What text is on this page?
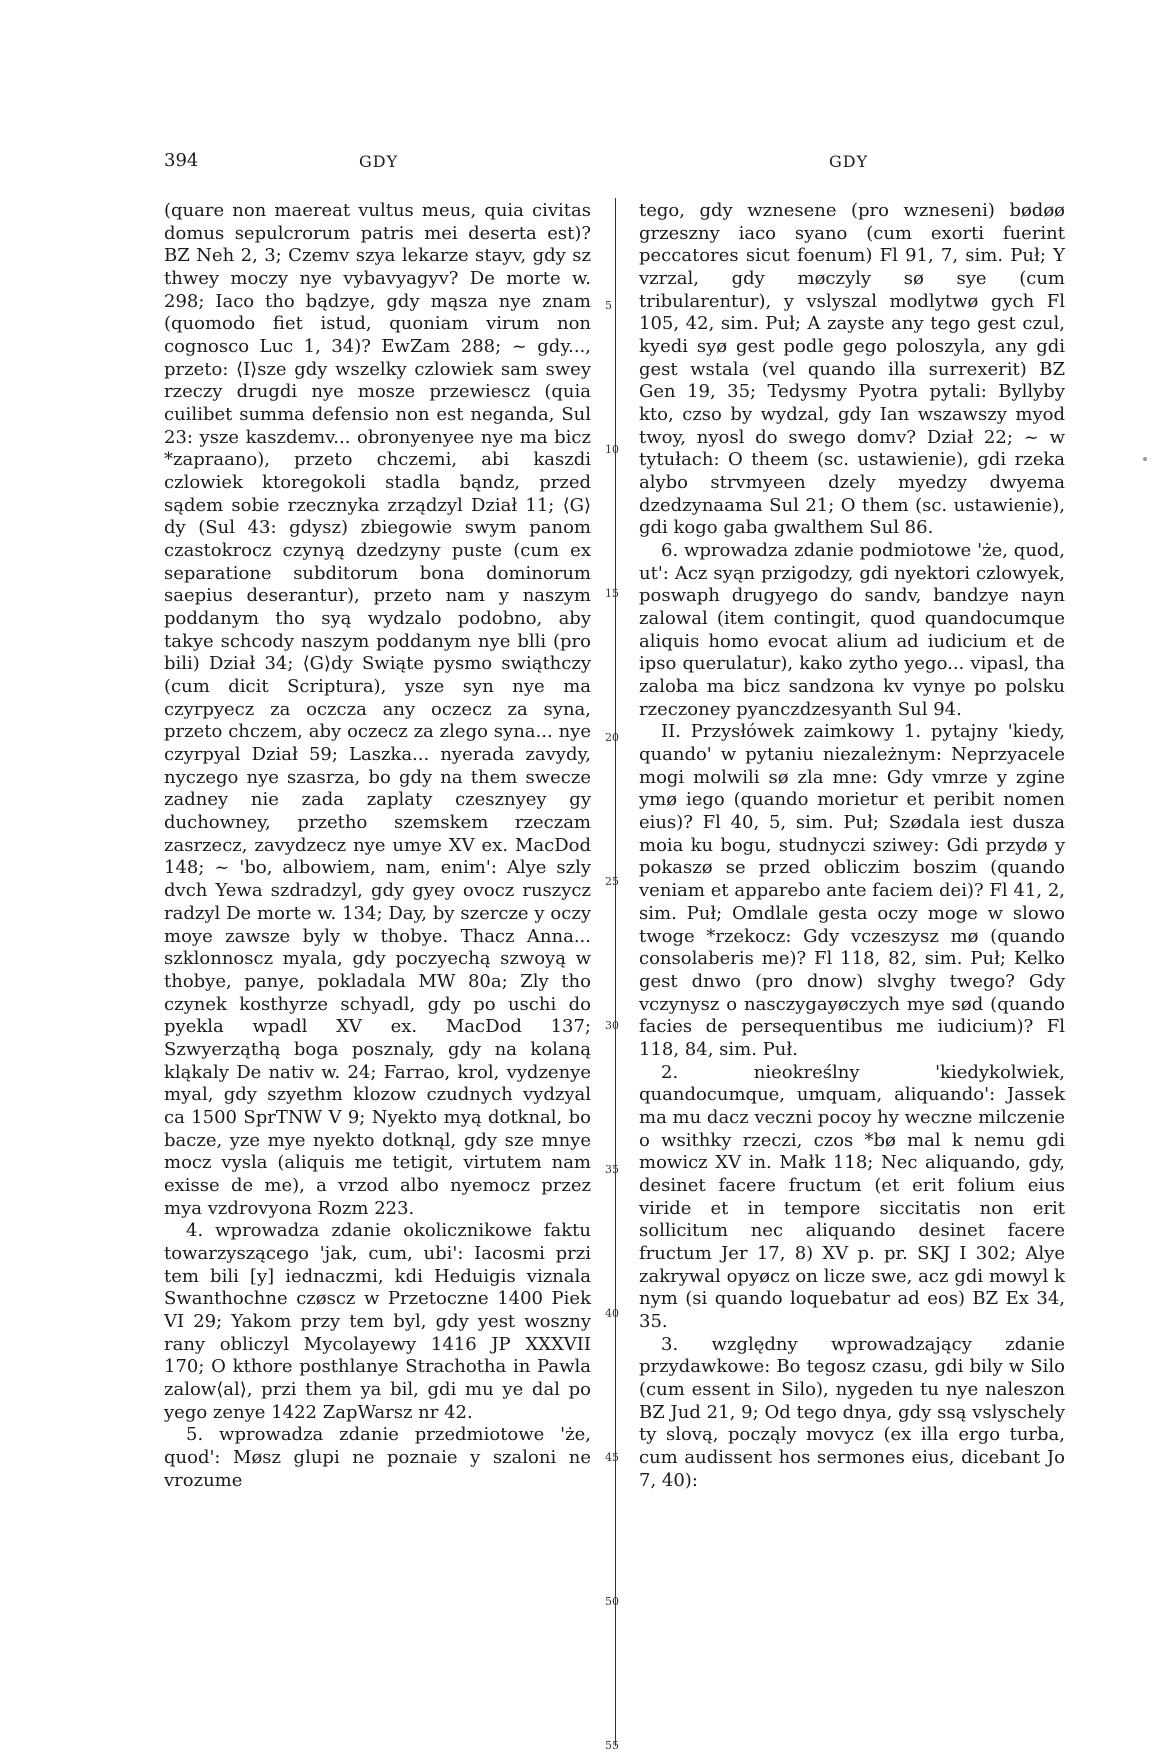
394	GDY	GDY

(quare non maereat vultus meus, quia civitas domus sepulcrorum patris mei deserta est)? BZ Neh 2, 3; Czemv szya lekarze stayv, gdy sz thwey moczy nye vybavyagyv? De morte w. 298; Iaco tho bądzye, gdy mąsza nye znam (quomodo fiet istud, quoniam virum non cognosco Luc 1, 34)? EwZam 288; ~ gdy..., przeto: ⟨I⟩sze gdy wszelky czlowiek sam swey rzeczy drugdi nye mosze przewiescz (quia cuilibet summa defensio non est neganda, Sul 23: ysze kaszdemv... obronyenyee nye ma bicz *zapraano), przeto chczemi, abi kaszdi czlowiek ktoregokoli stadla bąndz, przed sądem sobie rzecznyka zrządzyl Dział 11; ⟨G⟩dy (Sul 43: gdysz) zbiegowie swym panom czastokrocz czynyą dzedzyny puste (cum ex separatione subditorum bona dominorum saepius deserantur), przeto nam y naszym poddanym tho syą wydzalo podobno, aby takye schcody naszym poddanym nye blli (pro bili) Dział 34; ⟨G⟩dy Swiąte pysmo swiąthczy (cum dicit Scriptura), ysze syn nye ma czyrpyecz za oczcza any oczecz za syna, przeto chczem, aby oczecz za zlego syna... nye czyrpyal Dział 59; Laszka... nyerada zavydy, nyczego nye szasrza, bo gdy na them swecze zadney nie zada zaplaty czesznyey gy duchowney, przetho szemskem rzeczam zasrzecz, zavydzecz nye umye XV ex. MacDod 148; ~ 'bo, albowiem, nam, enim': Alye szly dvch Yewa szdradzyl, gdy gyey ovocz ruszycz radzyl De morte w. 134; Day, by szercze y oczy moye zawsze byly w thobye. Thacz Anna... szklonnoscz myala, gdy poczyechą szwoyą w thobye, panye, pokladala MW 80a; Zly tho czynek kosthyrze schyadl, gdy po uschi do pyekla wpadl XV ex. MacDod 137; Szwyerząthą boga posznaly, gdy na kolaną kląkaly De nativ w. 24; Farrao, krol, vydzenye myal, gdy szyethm klozow czudnych vydzyal ca 1500 SprTNW V 9; Nyekto myą dotknal, bo bacze, yze mye nyekto dotknąl, gdy sze mnye mocz vysla (aliquis me tetigit, virtutem nam exisse de me), a vrzod albo nyemocz przez mya vzdrovyona Rozm 223.

4. wprowadza zdanie okolicznikowe faktu towarzyszącego 'jak, cum, ubi': Iacosmi przi tem bili [y] iednaczmi, kdi Heduigis viznala Swanthochne czøscz w Przetoczne 1400 Piek VI 29; Yakom przy tem byl, gdy yest woszny rany obliczyl Mycolayewy 1416 JP XXXVII 170; O kthore posthlanye Strachotha in Pawla zalow⟨al⟩, przi them ya bil, gdi mu ye dal po yego zenye 1422 ZapWarsz nr 42.

5. wprowadza zdanie przedmiotowe 'że, quod': Møsz glupi ne poznaie y szaloni ne vrozume

5
10
15
20
25
30
35
40
45
50
55

tego, gdy wznesene (pro wzneseni) bødøø grzeszny iaco syano (cum exorti fuerint peccatores sicut foenum) Fl 91, 7, sim. Puł; Y vzrzal, gdy møczyly sø sye (cum tribularentur), y vslyszal modlytwø gych Fl 105, 42, sim. Puł; A zayste any tego gest czul, kyedi syø gest podle gego poloszyla, any gdi gest wstala (vel quando illa surrexerit) BZ Gen 19, 35; Tedysmy Pyotra pytali: Byllyby kto, czso by wydzal, gdy Ian wszawszy myod twoy, nyosl do swego domv? Dział 22; ~ w tytułach: O theem (sc. ustawienie), gdi rzeka alybo strvmyeen dzely myedzy dwyema dzedzynaama Sul 21; O them (sc. ustawienie), gdi kogo gaba gwalthem Sul 86.

6. wprowadza zdanie podmiotowe 'że, quod, ut': Acz syąn przigodzy, gdi nyektori czlowyek, poswaph drugyego do sandv, bandzye nayn zalowal (item contingit, quod quandocumque aliquis homo evocat alium ad iudicium et de ipso querulatur), kako zytho yego... vipasl, tha zaloba ma bicz sandzona kv vynye po polsku rzeczoney pyanczdzesyanth Sul 94.

II. Przysłówek zaimkowy 1. pytajny 'kiedy, quando' w pytaniu niezależnym: Neprzyacele mogi molwili sø zla mne: Gdy vmrze y zgine ymø iego (quando morietur et peribit nomen eius)? Fl 40, 5, sim. Puł; Szødala iest dusza moia ku bogu, studnyczi sziwey: Gdi przydø y pokaszø se przed obliczim boszim (quando veniam et apparebo ante faciem dei)? Fl 41, 2, sim. Puł; Omdlale gesta oczy moge w slowo twoge *rzekocz: Gdy vczeszysz mø (quando consolaberis me)? Fl 118, 82, sim. Puł; Kelko gest dnwo (pro dnow) slvghy twego? Gdy vczynysz o nasczygayøczych mye sød (quando facies de persequentibus me iudicium)? Fl 118, 84, sim. Puł.

2. nieokreślny 'kiedykolwiek, quandocumque, umquam, aliquando': Jassek ma mu dacz veczni pocoy hy weczne milczenie o wsithky rzeczi, czos *bø mal k nemu gdi mowicz XV in. Małk 118; Nec aliquando, gdy, desinet facere fructum (et erit folium eius viride et in tempore siccitatis non erit sollicitum nec aliquando desinet facere fructum Jer 17, 8) XV p. pr. SKJ I 302; Alye zakrywal opyøcz on licze swe, acz gdi mowyl k nym (si quando loquebatur ad eos) BZ Ex 34, 35.

3. względny wprowadzający zdanie przydawkowe: Bo tegosz czasu, gdi bily w Silo (cum essent in Silo), nygeden tu nye naleszon BZ Jud 21, 9; Od tego dnya, gdy ssą vslyschely ty slovą, począly movycz (ex illa ergo turba, cum audissent hos sermones eius, dicebant Jo 7, 40):
